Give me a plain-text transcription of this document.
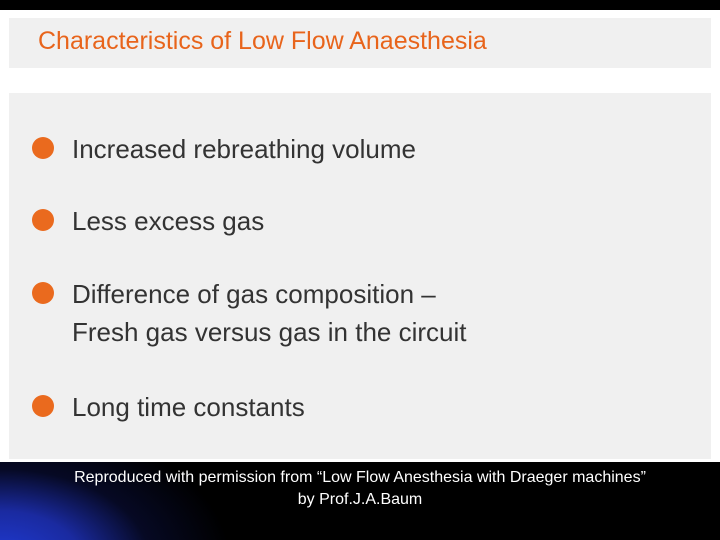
Characteristics of Low Flow Anaesthesia
Increased rebreathing volume
Less excess gas
Difference of gas composition –
Fresh gas versus gas in the circuit
Long time constants
Reproduced with permission from “Low Flow Anesthesia with Draeger machines”
by Prof.J.A.Baum
